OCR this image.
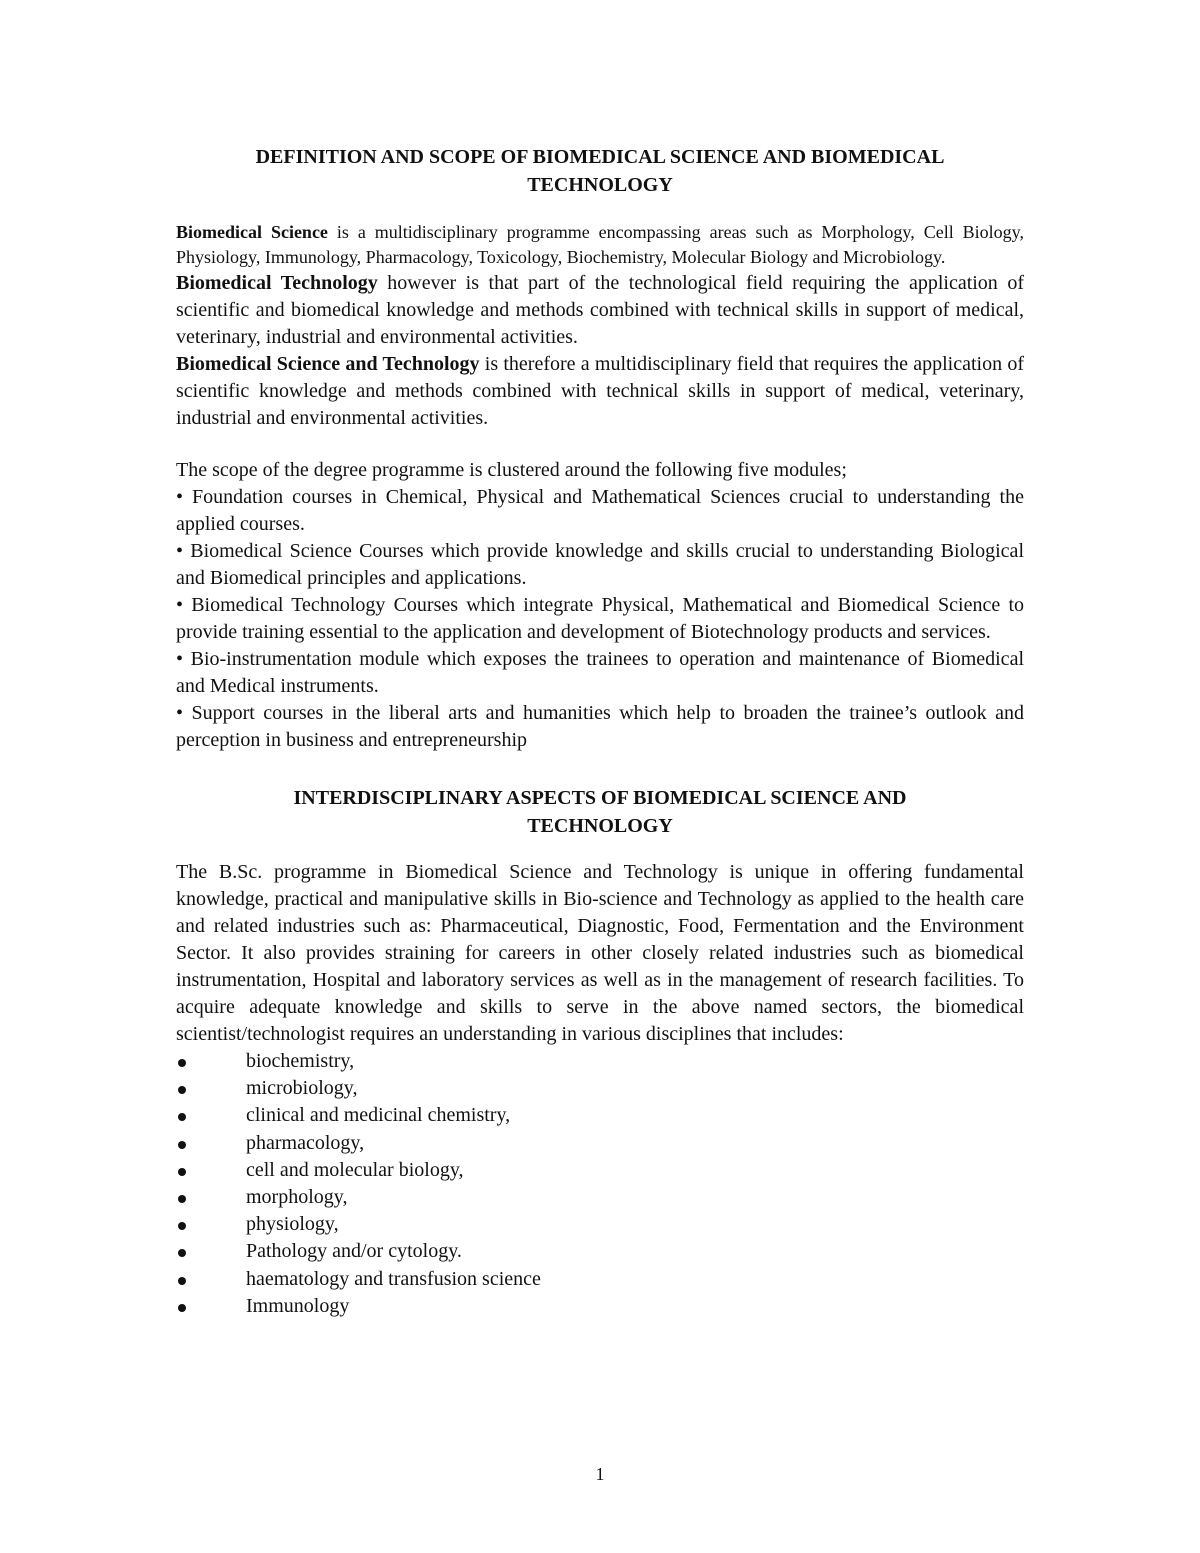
DEFINITION AND SCOPE OF BIOMEDICAL SCIENCE AND BIOMEDICAL
TECHNOLOGY

Biomedical Science is a multidisciplinary programme encompassing areas such as Morphology, Cell Biology, Physiology, Immunology, Pharmacology, Toxicology, Biochemistry, Molecular Biology and Microbiology.

Biomedical Technology however is that part of the technological field requiring the application of scientific and biomedical knowledge and methods combined with technical skills in support of medical, veterinary, industrial and environmental activities.

Biomedical Science and Technology is therefore a multidisciplinary field that requires the application of scientific knowledge and methods combined with technical skills in support of medical, veterinary, industrial and environmental activities.

The scope of the degree programme is clustered around the following five modules;

• Foundation courses in Chemical, Physical and Mathematical Sciences crucial to understanding the applied courses.

• Biomedical Science Courses which provide knowledge and skills crucial to understanding Biological and Biomedical principles and applications.

• Biomedical Technology Courses which integrate Physical, Mathematical and Biomedical Science to provide training essential to the application and development of Biotechnology products and services.

• Bio-instrumentation module which exposes the trainees to operation and maintenance of Biomedical and Medical instruments.

• Support courses in the liberal arts and humanities which help to broaden the trainee’s outlook and perception in business and entrepreneurship

INTERDISCIPLINARY ASPECTS OF BIOMEDICAL SCIENCE AND
TECHNOLOGY

The B.Sc. programme in Biomedical Science and Technology is unique in offering fundamental knowledge, practical and manipulative skills in Bio-science and Technology as applied to the health care and related industries such as: Pharmaceutical, Diagnostic, Food, Fermentation and the Environment Sector. It also provides straining for careers in other closely related industries such as biomedical instrumentation, Hospital and laboratory services as well as in the management of research facilities. To acquire adequate knowledge and skills to serve in the above named sectors, the biomedical scientist/technologist requires an understanding in various disciplines that includes:

biochemistry,
microbiology,
clinical and medicinal chemistry,
pharmacology,
cell and molecular biology,
morphology,
physiology,
Pathology and/or cytology.
haematology and transfusion science
Immunology
1
